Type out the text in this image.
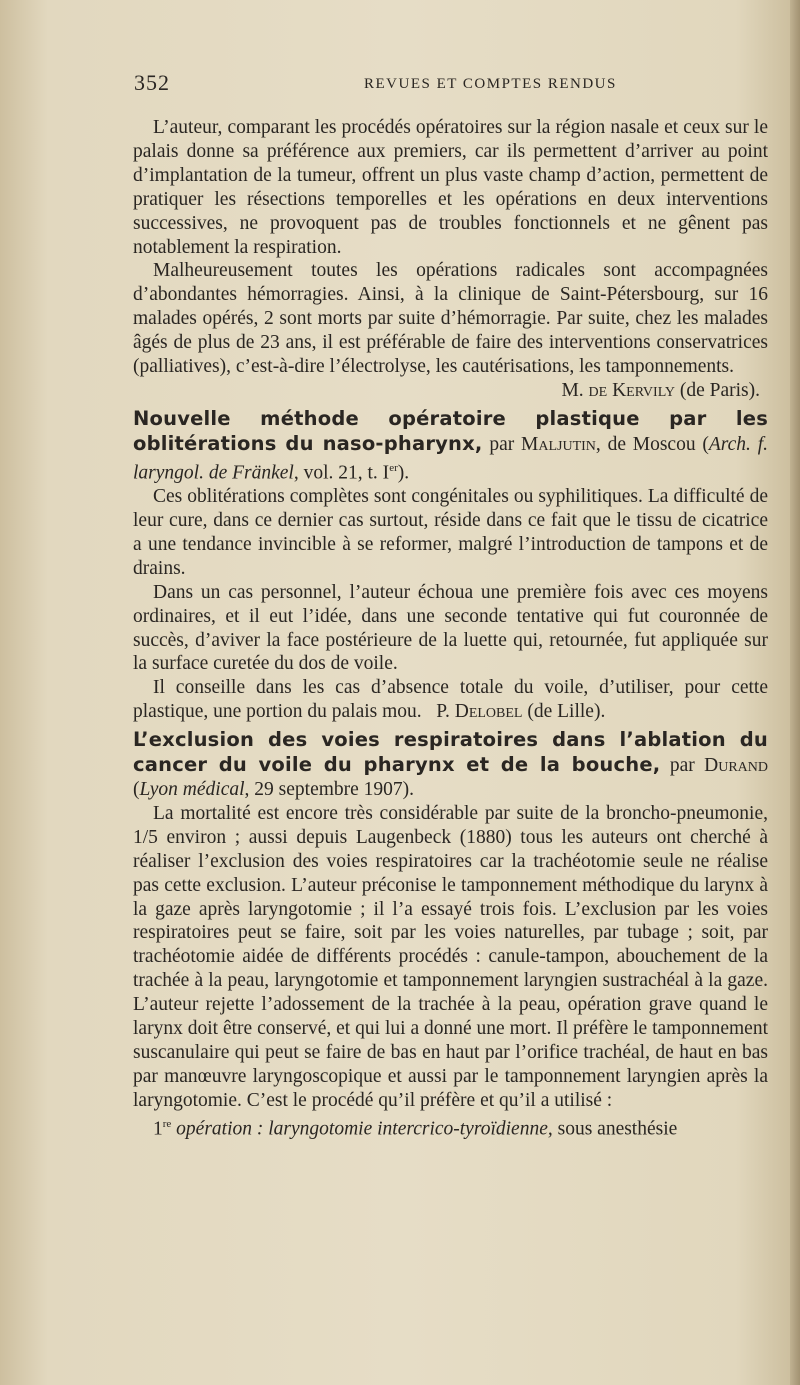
352	REVUES ET COMPTES RENDUS

L’auteur, comparant les procédés opératoires sur la région nasale et ceux sur le palais donne sa préférence aux premiers, car ils permettent d’arriver au point d’implantation de la tumeur, offrent un plus vaste champ d’action, permettent de pratiquer les résections temporelles et les opérations en deux interventions successives, ne provoquent pas de troubles fonctionnels et ne gênent pas notablement la respiration.

Malheureusement toutes les opérations radicales sont accompagnées d’abondantes hémorragies. Ainsi, à la clinique de Saint-Pétersbourg, sur 16 malades opérés, 2 sont morts par suite d’hémorragie. Par suite, chez les malades âgés de plus de 23 ans, il est préférable de faire des interventions conservatrices (palliatives), c’est-à-dire l’électrolyse, les cautérisations, les tamponnements.

M. de Kervily (de Paris).

Nouvelle méthode opératoire plastique par les oblitérations du naso-pharynx, par Maljutin, de Moscou (Arch. f. laryngol. de Fränkel, vol. 21, t. Ier).

Ces oblitérations complètes sont congénitales ou syphilitiques. La difficulté de leur cure, dans ce dernier cas surtout, réside dans ce fait que le tissu de cicatrice a une tendance invincible à se reformer, malgré l’introduction de tampons et de drains.

Dans un cas personnel, l’auteur échoua une première fois avec ces moyens ordinaires, et il eut l’idée, dans une seconde tentative qui fut couronnée de succès, d’aviver la face postérieure de la luette qui, retournée, fut appliquée sur la surface curetée du dos de voile.

Il conseille dans les cas d’absence totale du voile, d’utiliser, pour cette plastique, une portion du palais mou. P. Delobel (de Lille).

L’exclusion des voies respiratoires dans l’ablation du cancer du voile du pharynx et de la bouche, par Durand (Lyon médical, 29 septembre 1907).

La mortalité est encore très considérable par suite de la broncho-pneumonie, 1/5 environ ; aussi depuis Laugenbeck (1880) tous les auteurs ont cherché à réaliser l’exclusion des voies respiratoires car la trachéotomie seule ne réalise pas cette exclusion. L’auteur préconise le tamponnement méthodique du larynx à la gaze après laryngotomie ; il l’a essayé trois fois. L’exclusion par les voies respiratoires peut se faire, soit par les voies naturelles, par tubage ; soit, par trachéotomie aidée de différents procédés : canule-tampon, abouchement de la trachée à la peau, laryngotomie et tamponnement laryngien sustrachéal à la gaze. L’auteur rejette l’adossement de la trachée à la peau, opération grave quand le larynx doit être conservé, et qui lui a donné une mort. Il préfère le tamponnement suscanulaire qui peut se faire de bas en haut par l’orifice trachéal, de haut en bas par manœuvre laryngoscopique et aussi par le tamponnement laryngien après la laryngotomie. C’est le procédé qu’il préfère et qu’il a utilisé :

1re opération : laryngotomie intercrico-tyroïdienne, sous anesthésie
